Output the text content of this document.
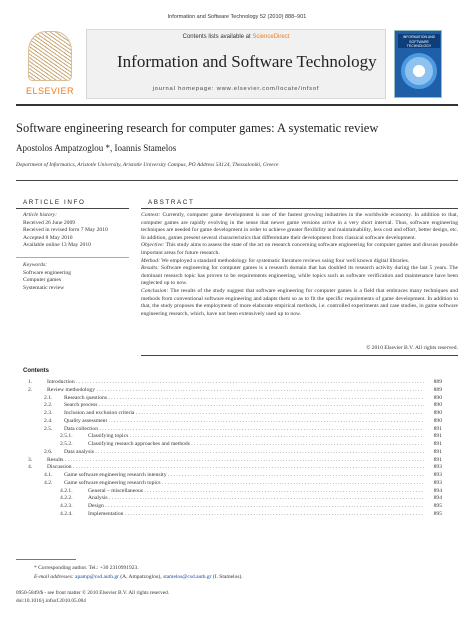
Information and Software Technology 52 (2010) 888–901
ELSEVIER
Contents lists available at ScienceDirect
Information and Software Technology
journal homepage: www.elsevier.com/locate/infsof
INFORMATION AND SOFTWARE TECHNOLOGY
Software engineering research for computer games: A systematic review
Apostolos Ampatzoglou *, Ioannis Stamelos
Department of Informatics, Aristotle University, Aristotle University Campus, PO Address 54124, Thessaloniki, Greece
ARTICLE INFO
Article history:
Received 26 June 2009
Received in revised form 7 May 2010
Accepted 8 May 2010
Available online 13 May 2010
Keywords:
Software engineering
Computer games
Systematic review
ABSTRACT

Context: Currently, computer game development is one of the fastest growing industries in the worldwide economy. In addition to that, computer games are rapidly evolving in the sense that newer game versions arrive in a very short interval. Thus, software engineering techniques are needed for game development in order to achieve greater flexibility and maintainability, less cost and effort, better design, etc. In addition, games present several characteristics that differentiate their development from classical software development.

Objective: This study aims to assess the state of the art on research concerning software engineering for computer games and discuss possible important areas for future research.

Method: We employed a standard methodology for systematic literature reviews using four well known digital libraries.

Results: Software engineering for computer games is a research domain that has doubled its research activity during the last 5 years. The dominant research topic has proven to be requirements engineering, while topics such as software verification and maintenance have been neglected up to now.

Conclusion: The results of the study suggest that software engineering for computer games is a field that embraces many techniques and methods from conventional software engineering and adapts them so as to fit the specific requirements of game development. In addition to that, the study proposes the employment of more elaborate empirical methods, i.e. controlled experiments and case studies, in game software engineering research, which, have not been extensively used up to now.

© 2010 Elsevier B.V. All rights reserved.
Contents
1.	Introduction . . .	889
2.	Review methodology . . .	889
2.1. Research questions . . .	890
2.2. Search process . . .	890
2.3. Inclusion and exclusion criteria . . .	890
2.4. Quality assessment . . .	890
2.5. Data collection . . .	891
2.5.1.	Classifying topics . . .	891
2.5.2.	Classifying research approaches and methods . . .	891
2.6. Data analysis . . .	891
3.	Results . . .	891
4.	Discussion . . .	893
4.1. Game software engineering research intensity . . .	893
4.2. Game software engineering research topics . . .	893
4.2.1.	General – miscellaneous . . .	894
4.2.2.	Analysis . . .	894
4.2.3.	Design . . .	895
4.2.4.	Implementation . . .	895
* Corresponding author. Tel.: +30 2310991923.
E-mail addresses: apamp@csd.auth.gr (A. Ampatzoglou), stamelos@csd.auth.gr (I. Stamelos).
0950-5849/$ - see front matter © 2010 Elsevier B.V. All rights reserved.
doi:10.1016/j.infsof.2010.05.004
